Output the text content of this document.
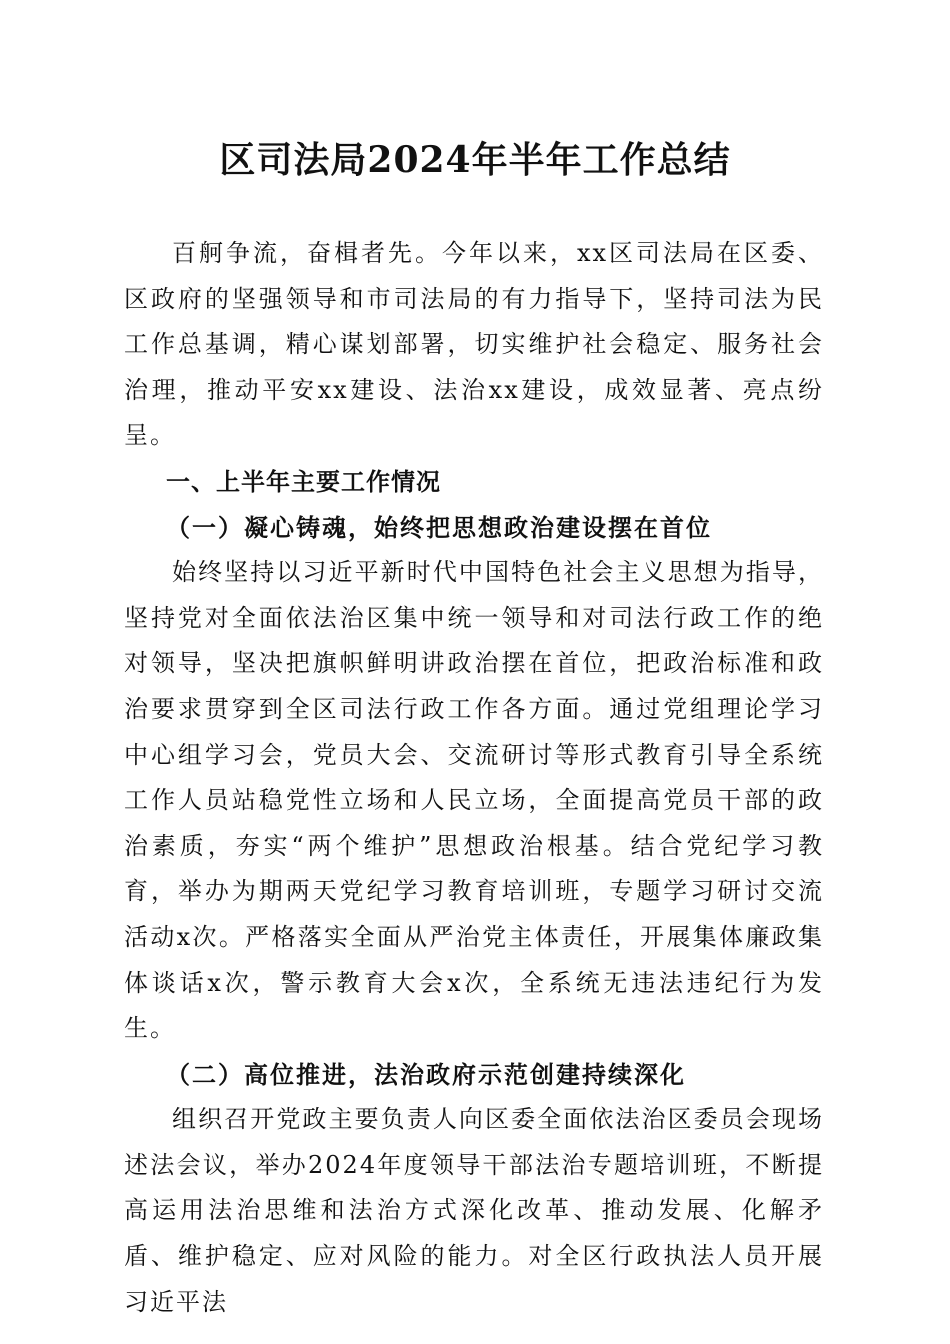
区司法局2024年半年工作总结

百舸争流，奋楫者先。今年以来，xx区司法局在区委、区政府的坚强领导和市司法局的有力指导下，坚持司法为民工作总基调，精心谋划部署，切实维护社会稳定、服务社会治理，推动平安xx建设、法治xx建设，成效显著、亮点纷呈。

一、上半年主要工作情况

（一）凝心铸魂，始终把思想政治建设摆在首位

始终坚持以习近平新时代中国特色社会主义思想为指导，坚持党对全面依法治区集中统一领导和对司法行政工作的绝对领导，坚决把旗帜鲜明讲政治摆在首位，把政治标准和政治要求贯穿到全区司法行政工作各方面。通过党组理论学习中心组学习会，党员大会、交流研讨等形式教育引导全系统工作人员站稳党性立场和人民立场，全面提高党员干部的政治素质，夯实“两个维护”思想政治根基。结合党纪学习教育，举办为期两天党纪学习教育培训班，专题学习研讨交流活动x次。严格落实全面从严治党主体责任，开展集体廉政集体谈话x次，警示教育大会x次，全系统无违法违纪行为发生。

（二）高位推进，法治政府示范创建持续深化

组织召开党政主要负责人向区委全面依法治区委员会现场述法会议，举办2024年度领导干部法治专题培训班，不断提高运用法治思维和法治方式深化改革、推动发展、化解矛盾、维护稳定、应对风险的能力。对全区行政执法人员开展习近平法
